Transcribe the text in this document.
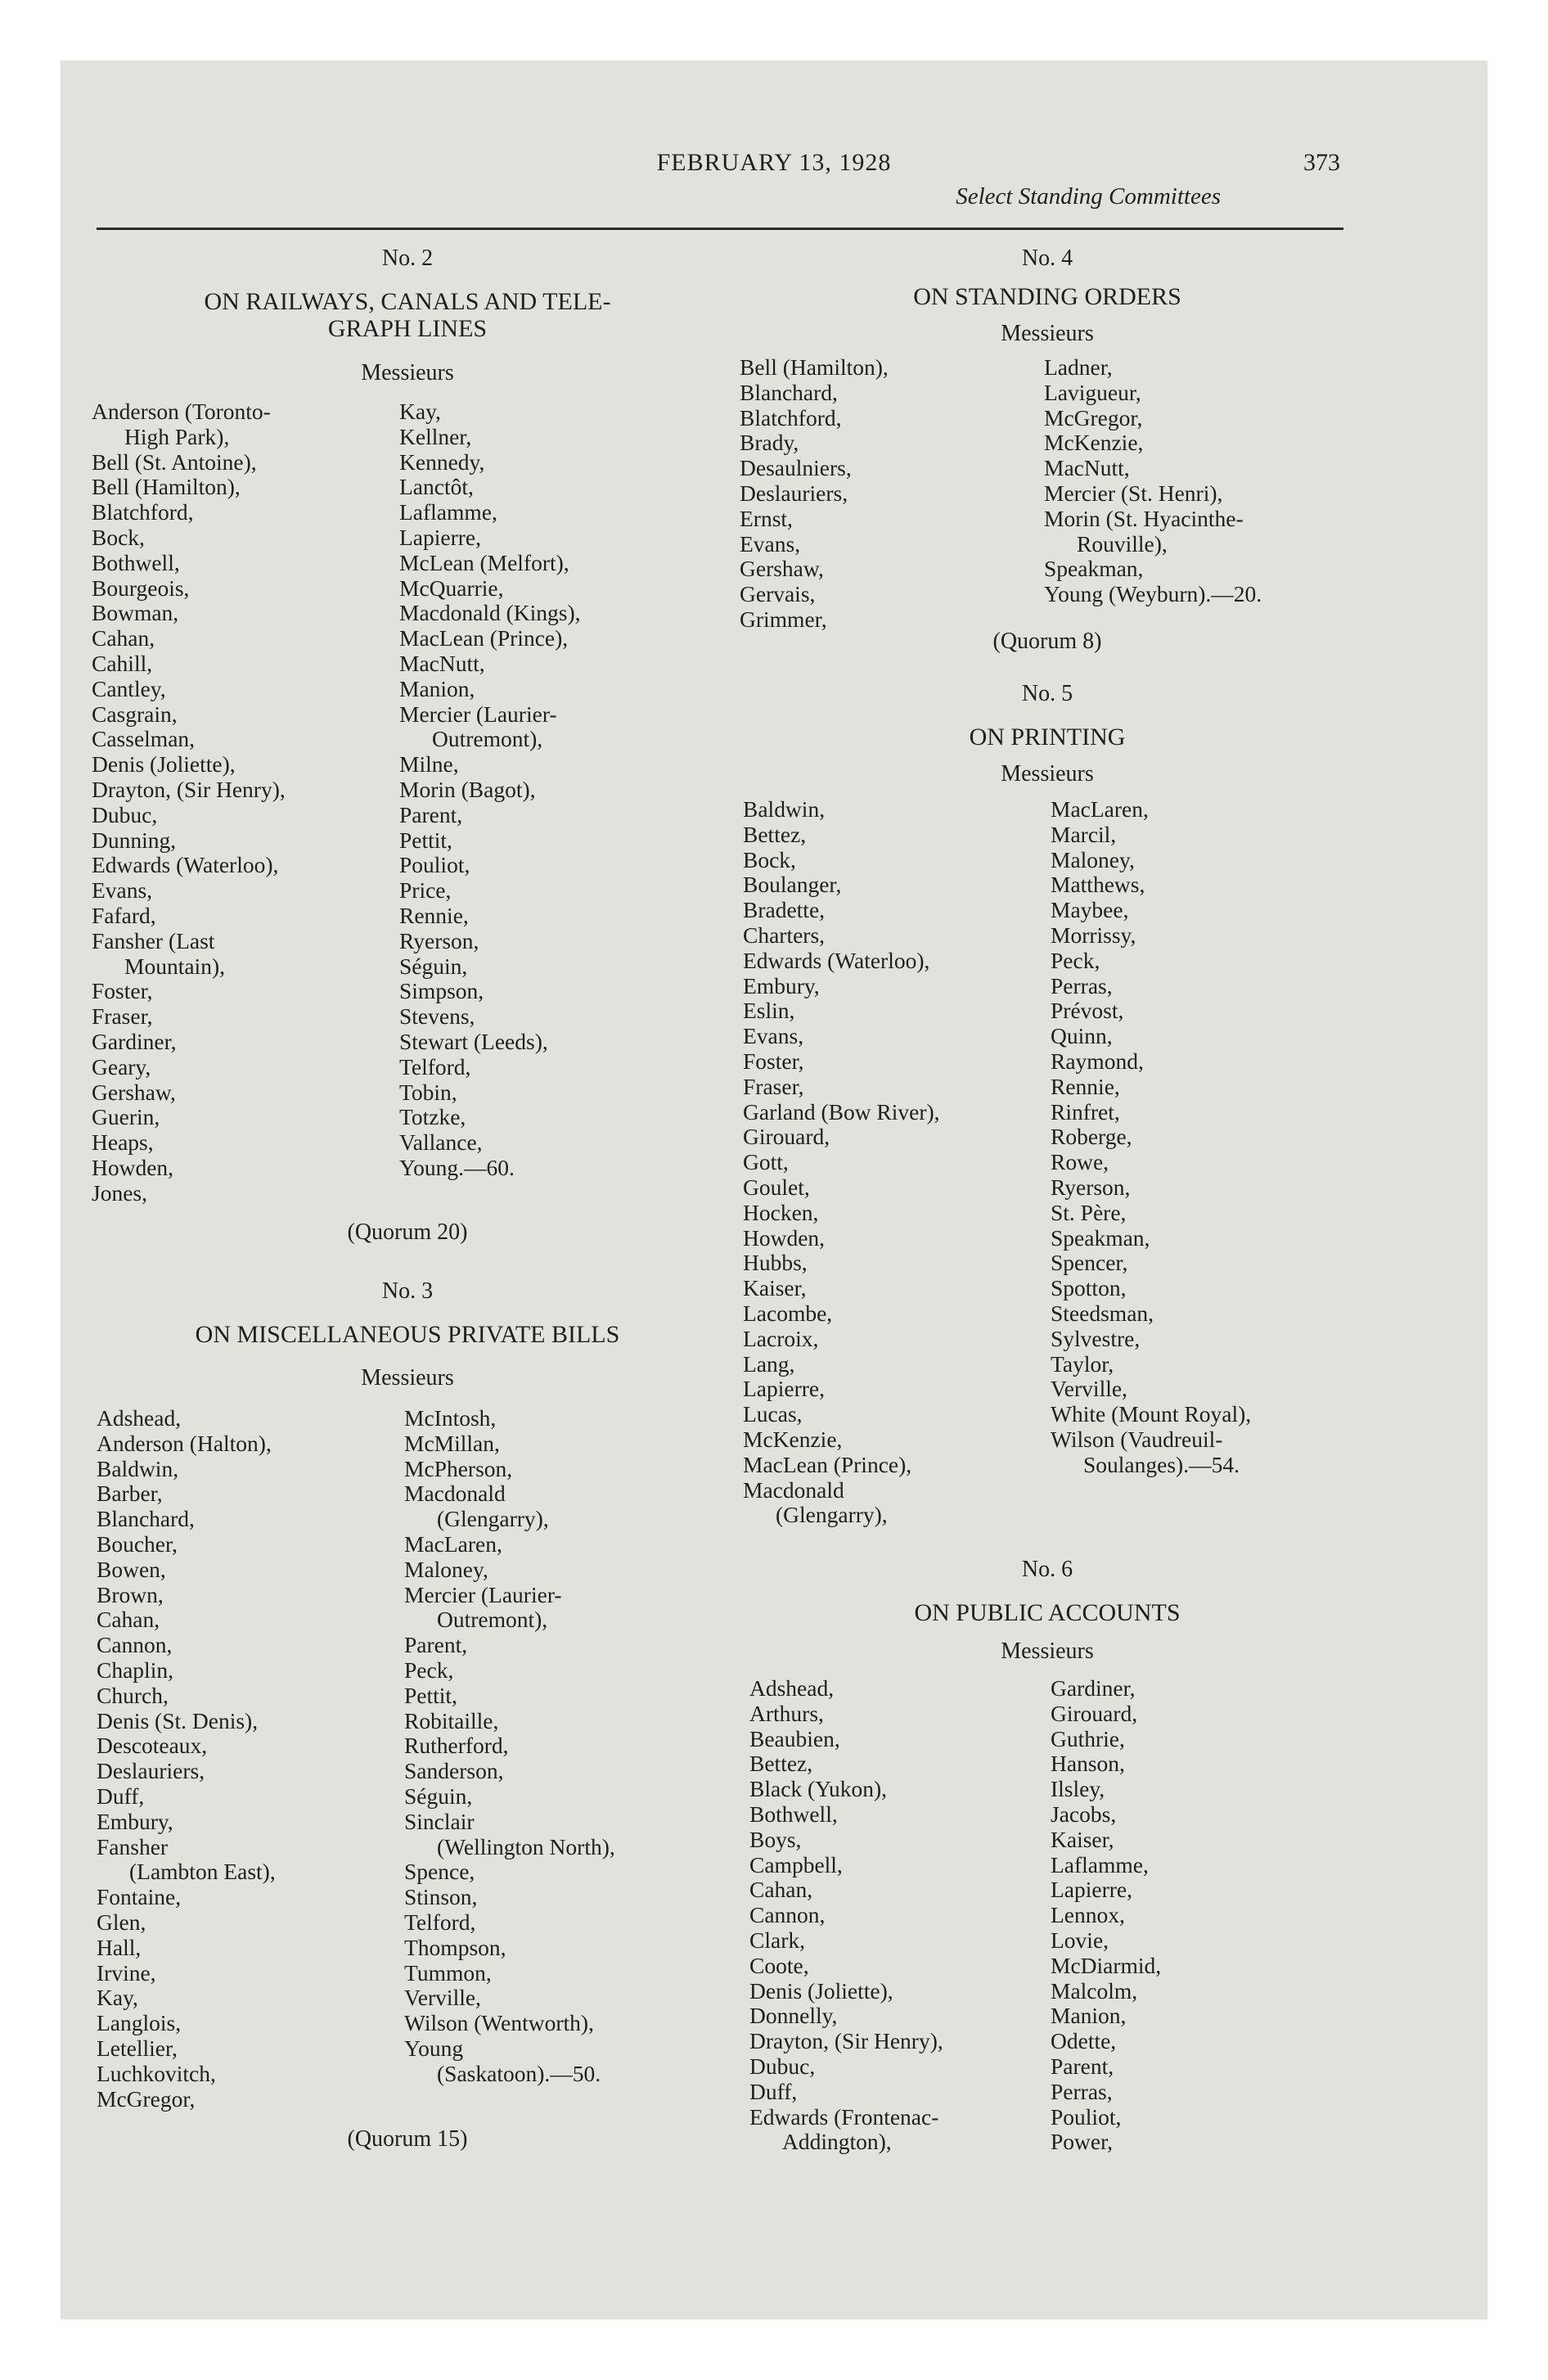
FEBRUARY 13, 1928	373
Select Standing Committees
No. 2
ON RAILWAYS, CANALS AND TELE-
GRAPH LINES
Messieurs
Anderson (Toronto-
High Park),
Bell (St. Antoine),
Bell (Hamilton),
Blatchford,
Bock,
Bothwell,
Bourgeois,
Bowman,
Cahan,
Cahill,
Cantley,
Casgrain,
Casselman,
Denis (Joliette),
Drayton, (Sir Henry),
Dubuc,
Dunning,
Edwards (Waterloo),
Evans,
Fafard,
Fansher (Last
Mountain),
Foster,
Fraser,
Gardiner,
Geary,
Gershaw,
Guerin,
Heaps,
Howden,
Jones,
Kay,
Kellner,
Kennedy,
Lanctôt,
Laflamme,
Lapierre,
McLean (Melfort),
McQuarrie,
Macdonald (Kings),
MacLean (Prince),
MacNutt,
Manion,
Mercier (Laurier-
Outremont),
Milne,
Morin (Bagot),
Parent,
Pettit,
Pouliot,
Price,
Rennie,
Ryerson,
Séguin,
Simpson,
Stevens,
Stewart (Leeds),
Telford,
Tobin,
Totzke,
Vallance,
Young.—60.
(Quorum 20)
No. 3
ON MISCELLANEOUS PRIVATE BILLS
Messieurs
Adshead,
Anderson (Halton),
Baldwin,
Barber,
Blanchard,
Boucher,
Bowen,
Brown,
Cahan,
Cannon,
Chaplin,
Church,
Denis (St. Denis),
Descoteaux,
Deslauriers,
Duff,
Embury,
Fansher
(Lambton East),
Fontaine,
Glen,
Hall,
Irvine,
Kay,
Langlois,
Letellier,
Luchkovitch,
McGregor,
McIntosh,
McMillan,
McPherson,
Macdonald
(Glengarry),
MacLaren,
Maloney,
Mercier (Laurier-
Outremont),
Parent,
Peck,
Pettit,
Robitaille,
Rutherford,
Sanderson,
Séguin,
Sinclair
(Wellington North),
Spence,
Stinson,
Telford,
Thompson,
Tummon,
Verville,
Wilson (Wentworth),
Young
(Saskatoon).—50.
(Quorum 15)
No. 4
ON STANDING ORDERS
Messieurs
Bell (Hamilton),
Blanchard,
Blatchford,
Brady,
Desaulniers,
Deslauriers,
Ernst,
Evans,
Gershaw,
Gervais,
Grimmer,
Ladner,
Lavigueur,
McGregor,
McKenzie,
MacNutt,
Mercier (St. Henri),
Morin (St. Hyacinthe-
Rouville),
Speakman,
Young (Weyburn).—20.
(Quorum 8)
No. 5
ON PRINTING
Messieurs
Baldwin,
Bettez,
Bock,
Boulanger,
Bradette,
Charters,
Edwards (Waterloo),
Embury,
Eslin,
Evans,
Foster,
Fraser,
Garland (Bow River),
Girouard,
Gott,
Goulet,
Hocken,
Howden,
Hubbs,
Kaiser,
Lacombe,
Lacroix,
Lang,
Lapierre,
Lucas,
McKenzie,
MacLean (Prince),
Macdonald
(Glengarry),
MacLaren,
Marcil,
Maloney,
Matthews,
Maybee,
Morrissy,
Peck,
Perras,
Prévost,
Quinn,
Raymond,
Rennie,
Rinfret,
Roberge,
Rowe,
Ryerson,
St. Père,
Speakman,
Spencer,
Spotton,
Steedsman,
Sylvestre,
Taylor,
Verville,
White (Mount Royal),
Wilson (Vaudreuil-
Soulanges).—54.
No. 6
ON PUBLIC ACCOUNTS
Messieurs
Adshead,
Arthurs,
Beaubien,
Bettez,
Black (Yukon),
Bothwell,
Boys,
Campbell,
Cahan,
Cannon,
Clark,
Coote,
Denis (Joliette),
Donnelly,
Drayton, (Sir Henry),
Dubuc,
Duff,
Edwards (Frontenac-
Addington),
Gardiner,
Girouard,
Guthrie,
Hanson,
Ilsley,
Jacobs,
Kaiser,
Laflamme,
Lapierre,
Lennox,
Lovie,
McDiarmid,
Malcolm,
Manion,
Odette,
Parent,
Perras,
Pouliot,
Power,
